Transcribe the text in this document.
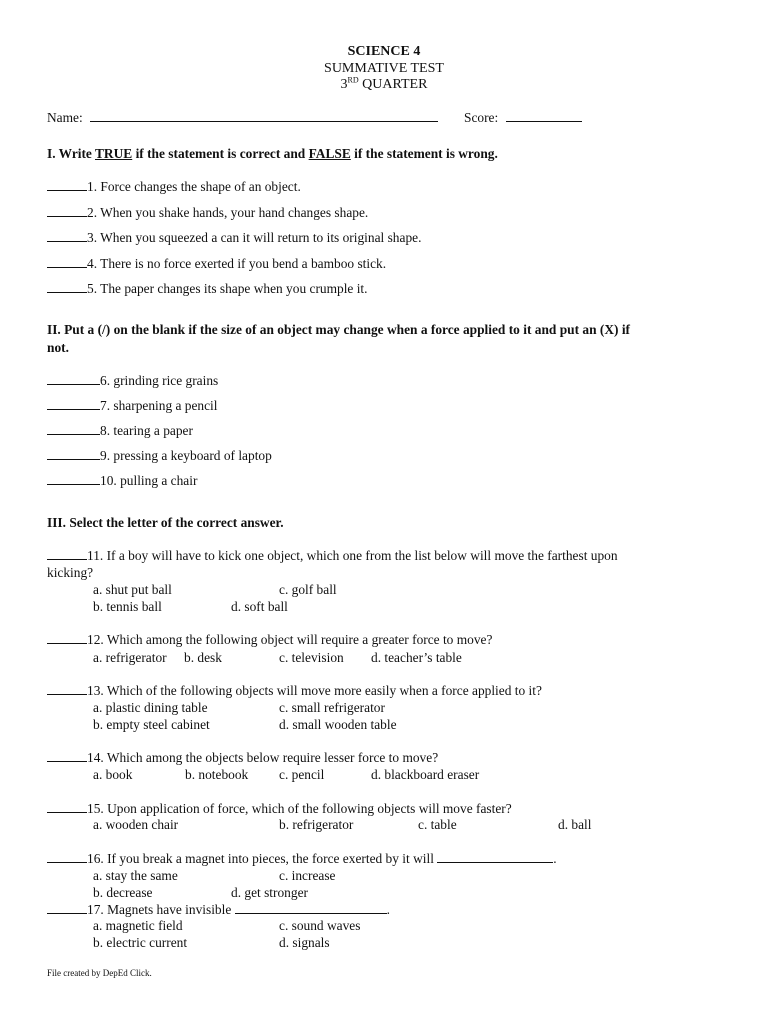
SCIENCE 4
SUMMATIVE TEST
3RD QUARTER
Name:	Score:
I. Write TRUE if the statement is correct and FALSE if the statement is wrong.
1. Force changes the shape of an object.
2. When you shake hands, your hand changes shape.
3. When you squeezed a can it will return to its original shape.
4. There is no force exerted if you bend a bamboo stick.
5. The paper changes its shape when you crumple it.
II. Put a (/) on the blank if the size of an object may change when a force applied to it and put an (X) if
not.
6. grinding rice grains
7. sharpening a pencil
8. tearing a paper
9. pressing a keyboard of laptop
10. pulling a chair
III. Select the letter of the correct answer.
11. If a boy will have to kick one object, which one from the list below will move the farthest upon
kicking?
a. shut put ball	c. golf ball
b. tennis ball	d. soft ball
12. Which among the following object will require a greater force to move?
a. refrigerator b. desk	c. television d. teacher’s table
13. Which of the following objects will move more easily when a force applied to it?
a. plastic dining table	c. small refrigerator
b. empty steel cabinet	d. small wooden table
14. Which among the objects below require lesser force to move?
a. book	b. notebook c. pencil	d. blackboard eraser
15. Upon application of force, which of the following objects will move faster?
a. wooden chair	b. refrigerator	c. table	d. ball
16. If you break a magnet into pieces, the force exerted by it will	.
a. stay the same	c. increase
b. decrease	d. get stronger
17. Magnets have invisible	.
a. magnetic field	c. sound waves
b. electric current	d. signals
File created by DepEd Click.
